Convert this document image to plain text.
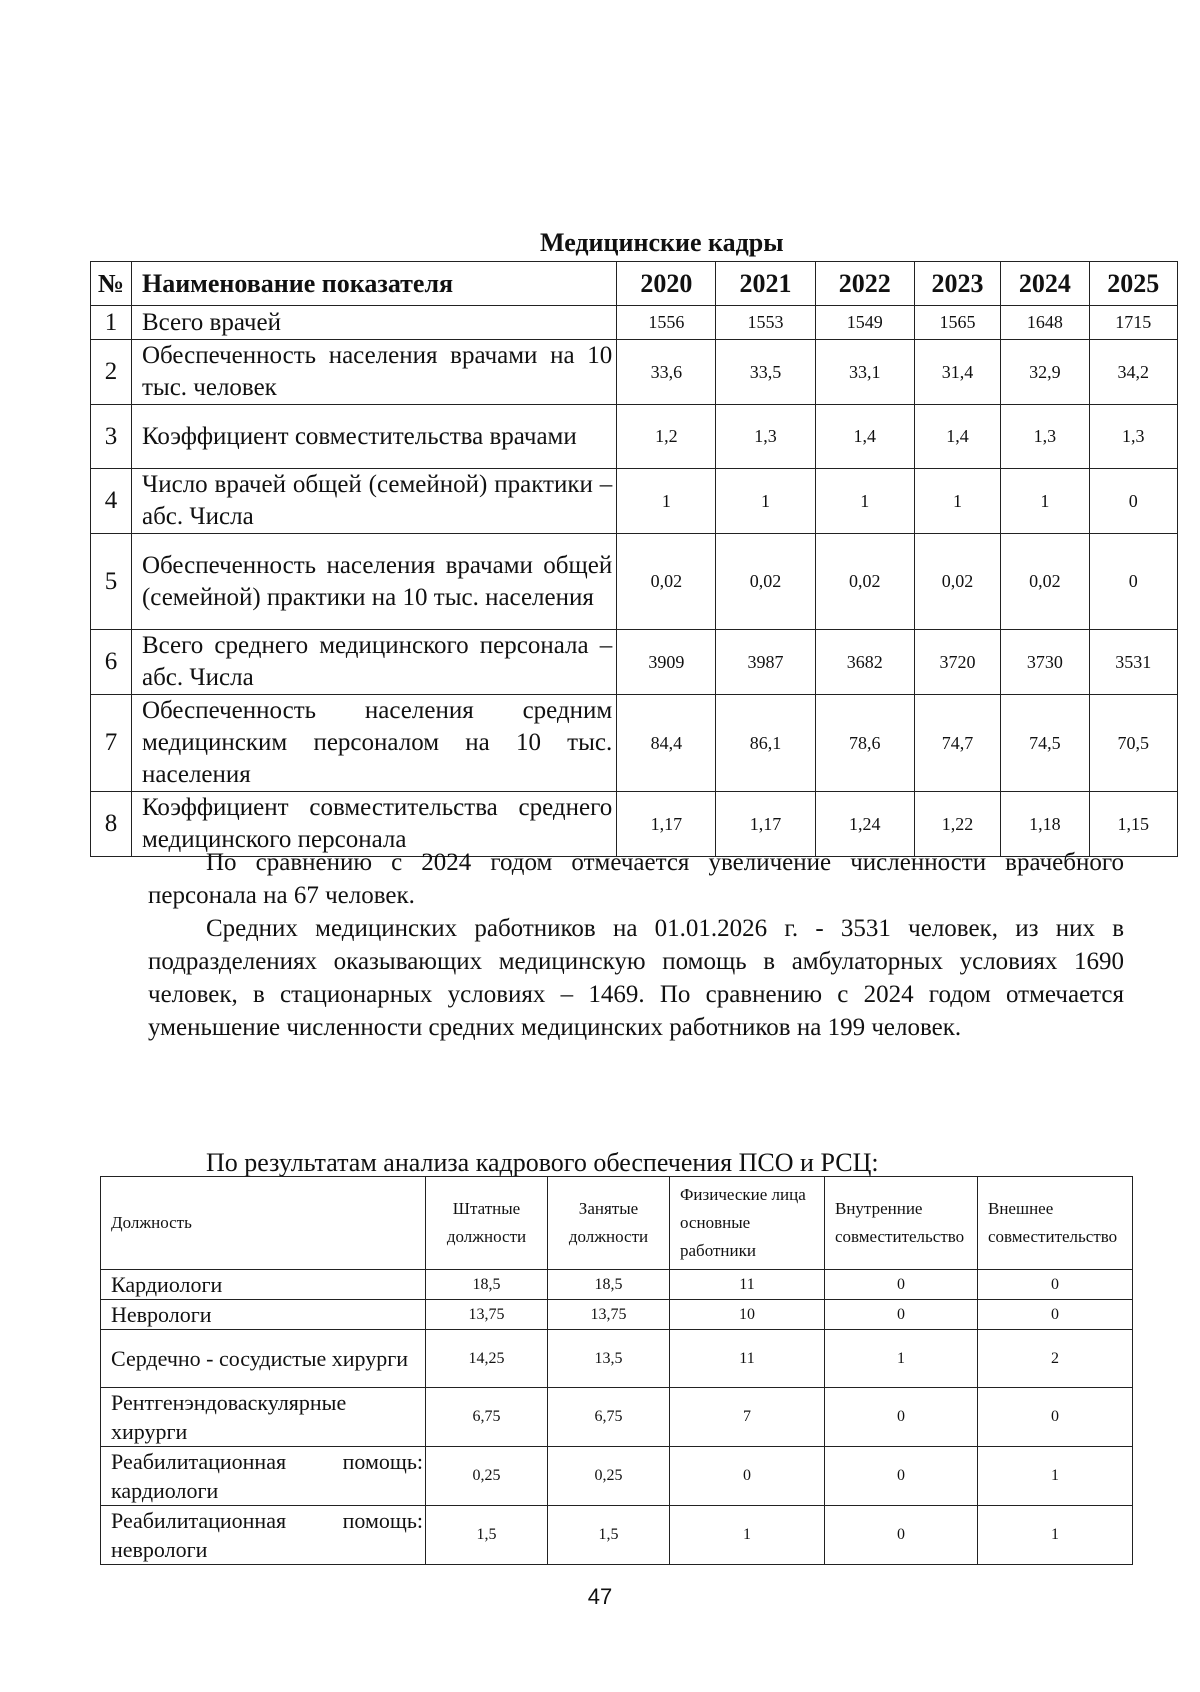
Медицинские кадры
№	Наименование показателя	2020	2021	2022	2023	2024	2025
1	Всего врачей	1556	1553	1549	1565	1648	1715
2	Обеспеченность населения врачами на 10 тыс. человек	33,6	33,5	33,1	31,4	32,9	34,2
3	Коэффициент совместительства врачами	1,2	1,3	1,4	1,4	1,3	1,3
4	Число врачей общей (семейной) практики – абс. Числа	1	1	1	1	1	0
5	Обеспеченность населения врачами общей (семейной) практики на 10 тыс. населения	0,02	0,02	0,02	0,02	0,02	0
6	Всего среднего медицинского персонала – абс. Числа	3909	3987	3682	3720	3730	3531
7	Обеспеченность населения средним медицинским персоналом на 10 тыс. населения	84,4	86,1	78,6	74,7	74,5	70,5
8	Коэффициент совместительства среднего медицинского персонала	1,17	1,17	1,24	1,22	1,18	1,15
По сравнению с 2024 годом отмечается увеличение численности врачебного персонала на 67 человек.
Средних медицинских работников на 01.01.2026 г. - 3531 человек, из них в подразделениях оказывающих медицинскую помощь в амбулаторных условиях 1690 человек, в стационарных условиях – 1469. По сравнению с 2024 годом отмечается уменьшение численности средних медицинских работников на 199 человек.
По результатам анализа кадрового обеспечения ПСО и РСЦ:
Должность	Штатные должности	Занятые должности	Физические лица основные работники	Внутренние совместительство	Внешнее совместительство
Кардиологи	18,5	18,5	11	0	0
Неврологи	13,75	13,75	10	0	0
Сердечно - сосудистые хирурги	14,25	13,5	11	1	2
Рентгенэндоваскулярные хирурги	6,75	6,75	7	0	0
Реабилитационная помощь: кардиологи	0,25	0,25	0	0	1
Реабилитационная помощь: неврологи	1,5	1,5	1	0	1
47
